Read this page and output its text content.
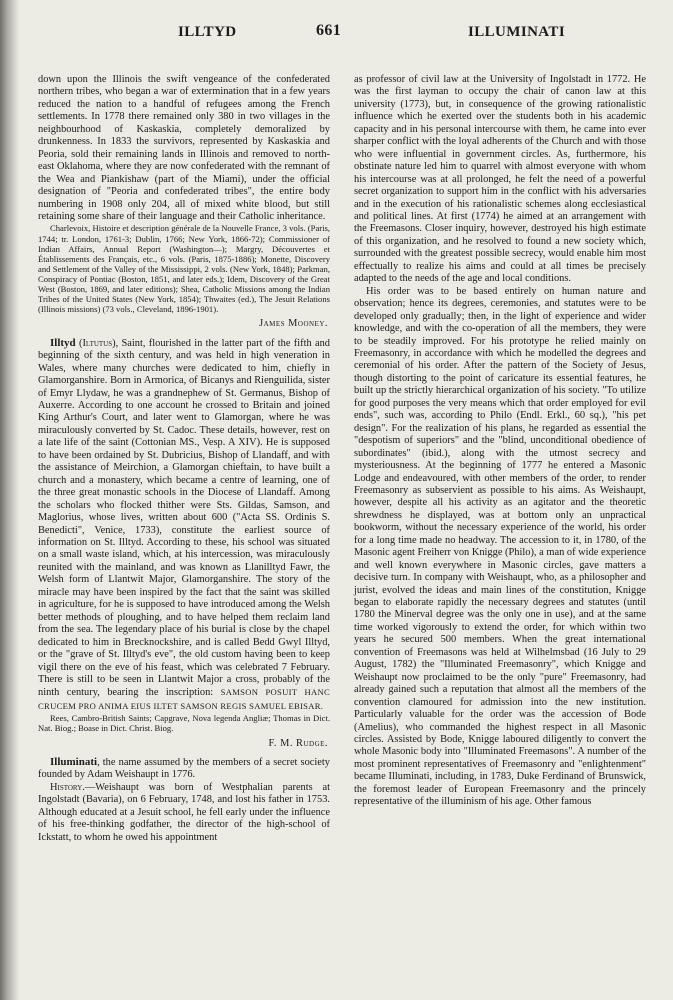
ILLTYD	661	ILLUMINATI

down upon the Illinois the swift vengeance of the confederated northern tribes, who began a war of extermination that in a few years reduced the nation to a handful of refugees among the French settlements. In 1778 there remained only 380 in two villages in the neighbourhood of Kaskaskia, completely demoralized by drunkenness. In 1833 the survivors, represented by Kaskaskia and Peoria, sold their remaining lands in Illinois and removed to north-east Oklahoma, where they are now confederated with the remnant of the Wea and Piankishaw (part of the Miami), under the official designation of "Peoria and confederated tribes", the entire body numbering in 1908 only 204, all of mixed white blood, but still retaining some share of their language and their Catholic inheritance.

Charlevoix, Histoire et description générale de la Nouvelle France, 3 vols. (Paris, 1744; tr. London, 1761-3; Dublin, 1766; New York, 1866-72); Commissioner of Indian Affairs, Annual Report (Washington—); Margry, Découvertes et Établissements des Français, etc., 6 vols. (Paris, 1875-1886); Monette, Discovery and Settlement of the Valley of the Mississippi, 2 vols. (New York, 1848); Parkman, Conspiracy of Pontiac (Boston, 1851, and later eds.); Idem, Discovery of the Great West (Boston, 1869, and later editions); Shea, Catholic Missions among the Indian Tribes of the United States (New York, 1854); Thwaites (ed.), The Jesuit Relations (Illinois missions) (73 vols., Cleveland, 1896-1901).

James Mooney.

Illtyd (Iltutus), Saint, flourished in the latter part of the fifth and beginning of the sixth century, and was held in high veneration in Wales, where many churches were dedicated to him, chiefly in Glamorganshire. Born in Armorica, of Bicanys and Rienguilida, sister of Emyr Llydaw, he was a grandnephew of St. Germanus, Bishop of Auxerre. According to one account he crossed to Britain and joined King Arthur's Court, and later went to Glamorgan, where he was miraculously converted by St. Cadoc. These details, however, rest on a late life of the saint (Cottonian MS., Vesp. A XIV). He is supposed to have been ordained by St. Dubricius, Bishop of Llandaff, and with the assistance of Meirchion, a Glamorgan chieftain, to have built a church and a monastery, which became a centre of learning, one of the three great monastic schools in the Diocese of Llandaff. Among the scholars who flocked thither were Sts. Gildas, Samson, and Maglorius, whose lives, written about 600 ("Acta SS. Ordinis S. Benedicti", Venice, 1733), constitute the earliest source of information on St. Illtyd. According to these, his school was situated on a small waste island, which, at his intercession, was miraculously reunited with the mainland, and was known as Llanilltyd Fawr, the Welsh form of Llantwit Major, Glamorganshire. The story of the miracle may have been inspired by the fact that the saint was skilled in agriculture, for he is supposed to have introduced among the Welsh better methods of ploughing, and to have helped them reclaim land from the sea. The legendary place of his burial is close by the chapel dedicated to him in Brecknockshire, and is called Bedd Gwyl Illtyd, or the "grave of St. Illtyd's eve", the old custom having been to keep vigil there on the eve of his feast, which was celebrated 7 February. There is still to be seen in Llantwit Major a cross, probably of the ninth century, bearing the inscription: SAMSON POSUIT HANC CRUCEM PRO ANIMA EIUS ILTET SAMSON REGIS SAMUEL EBISAR.

Rees, Cambro-British Saints; Capgrave, Nova legenda Angliæ; Thomas in Dict. Nat. Biog.; Boase in Dict. Christ. Biog.

F. M. Rudge.

Illuminati, the name assumed by the members of a secret society founded by Adam Weishaupt in 1776.

History.—Weishaupt was born of Westphalian parents at Ingolstadt (Bavaria), on 6 February, 1748, and lost his father in 1753. Although educated at a Jesuit school, he fell early under the influence of his free-thinking godfather, the director of the high-school of Ickstatt, to whom he owed his appointment

as professor of civil law at the University of Ingolstadt in 1772. He was the first layman to occupy the chair of canon law at this university (1773), but, in consequence of the growing rationalistic influence which he exerted over the students both in his academic capacity and in his personal intercourse with them, he came into ever sharper conflict with the loyal adherents of the Church and with those who were influential in government circles. As, furthermore, his obstinate nature led him to quarrel with almost everyone with whom his intercourse was at all prolonged, he felt the need of a powerful secret organization to support him in the conflict with his adversaries and in the execution of his rationalistic schemes along ecclesiastical and political lines. At first (1774) he aimed at an arrangement with the Freemasons. Closer inquiry, however, destroyed his high estimate of this organization, and he resolved to found a new society which, surrounded with the greatest possible secrecy, would enable him most effectually to realize his aims and could at all times be precisely adapted to the needs of the age and local conditions.

His order was to be based entirely on human nature and observation; hence its degrees, ceremonies, and statutes were to be developed only gradually; then, in the light of experience and wider knowledge, and with the co-operation of all the members, they were to be steadily improved. For his prototype he relied mainly on Freemasonry, in accordance with which he modelled the degrees and ceremonial of his order. After the pattern of the Society of Jesus, though distorting to the point of caricature its essential features, he built up the strictly hierarchical organization of his society. "To utilize for good purposes the very means which that order employed for evil ends", such was, according to Philo (Endl. Erkl., 60 sq.), "his pet design". For the realization of his plans, he regarded as essential the "despotism of superiors" and the "blind, unconditional obedience of subordinates" (ibid.), along with the utmost secrecy and mysteriousness. At the beginning of 1777 he entered a Masonic Lodge and endeavoured, with other members of the order, to render Freemasonry as subservient as possible to his aims. As Weishaupt, however, despite all his activity as an agitator and the theoretic shrewdness he displayed, was at bottom only an unpractical bookworm, without the necessary experience of the world, his order for a long time made no headway. The accession to it, in 1780, of the Masonic agent Freiherr von Knigge (Philo), a man of wide experience and well known everywhere in Masonic circles, gave matters a decisive turn. In company with Weishaupt, who, as a philosopher and jurist, evolved the ideas and main lines of the constitution, Knigge began to elaborate rapidly the necessary degrees and statutes (until 1780 the Minerval degree was the only one in use), and at the same time worked vigorously to extend the order, for which within two years he secured 500 members. When the great international convention of Freemasons was held at Wilhelmsbad (16 July to 29 August, 1782) the "Illuminated Freemasonry", which Knigge and Weishaupt now proclaimed to be the only "pure" Freemasonry, had already gained such a reputation that almost all the members of the convention clamoured for admission into the new institution. Particularly valuable for the order was the accession of Bode (Amelius), who commanded the highest respect in all Masonic circles. Assisted by Bode, Knigge laboured diligently to convert the whole Masonic body into "Illuminated Freemasons". A number of the most prominent representatives of Freemasonry and "enlightenment" became Illuminati, including, in 1783, Duke Ferdinand of Brunswick, the foremost leader of European Freemasonry and the princely representative of the illuminism of his age. Other famous
